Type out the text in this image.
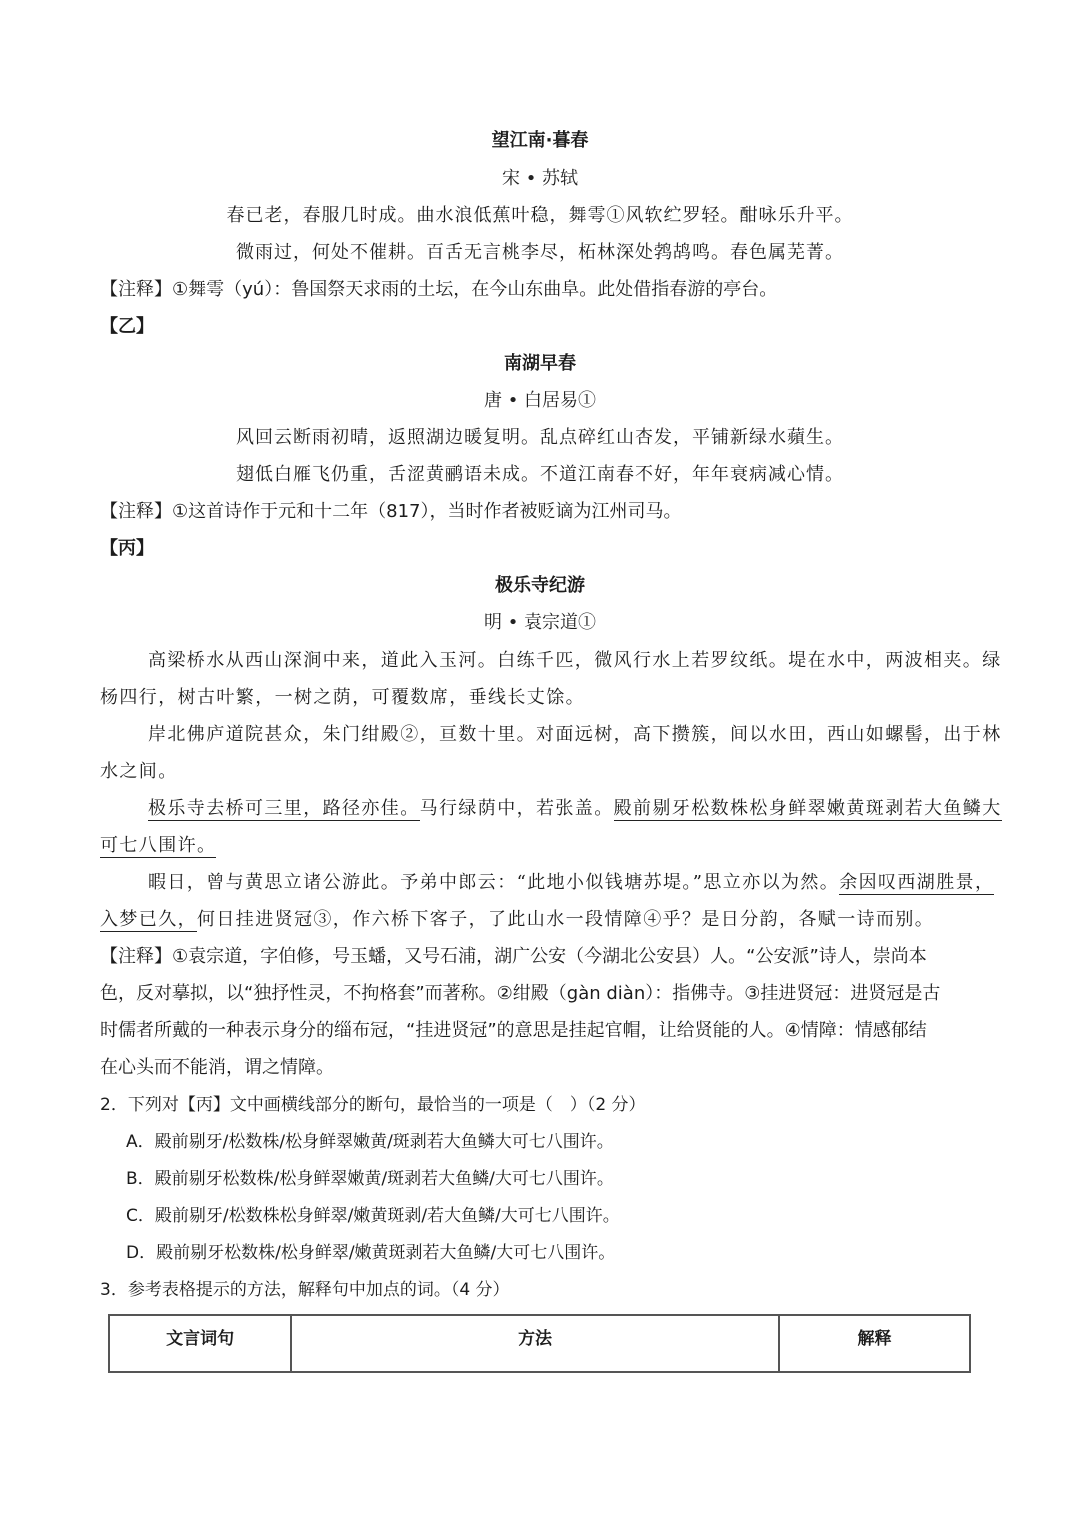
望江南·暮春
宋 • 苏轼
春已老，春服几时成。曲水浪低蕉叶稳，舞雩①风软纻罗轻。酣咏乐升平。
微雨过，何处不催耕。百舌无言桃李尽，柘林深处鹁鸪鸣。春色属芜菁。
【注释】①舞雩（yú）：鲁国祭天求雨的土坛，在今山东曲阜。此处借指春游的亭台。
【乙】
南湖早春
唐 • 白居易①
风回云断雨初晴，返照湖边暖复明。乱点碎红山杏发，平铺新绿水蘋生。
翅低白雁飞仍重，舌涩黄鹂语未成。不道江南春不好，年年衰病减心情。
【注释】①这首诗作于元和十二年（817），当时作者被贬谪为江州司马。
【丙】
极乐寺纪游
明 • 袁宗道①
高梁桥水从西山深涧中来，道此入玉河。白练千匹，微风行水上若罗纹纸。堤在水中，两波相夹。绿
杨四行，树古叶繁，一树之荫，可覆数席，垂线长丈馀。
岸北佛庐道院甚众，朱门绀殿②，亘数十里。对面远树，高下攒簇，间以水田，西山如螺髻，出于林
水之间。
极乐寺去桥可三里，路径亦佳。马行绿荫中，若张盖。殿前剔牙松数株松身鲜翠嫩黄斑剥若大鱼鳞大
可七八围许。
暇日，曾与黄思立诸公游此。予弟中郎云：“此地小似钱塘苏堤。”思立亦以为然。余因叹西湖胜景，
入梦已久，何日挂进贤冠③，作六桥下客子，了此山水一段情障④乎？是日分韵，各赋一诗而别。
【注释】①袁宗道，字伯修，号玉蟠，又号石浦，湖广公安（今湖北公安县）人。“公安派”诗人，崇尚本
色，反对摹拟，以“独抒性灵，不拘格套”而著称。②绀殿（gàn diàn）：指佛寺。③挂进贤冠：进贤冠是古
时儒者所戴的一种表示身分的缁布冠，“挂进贤冠”的意思是挂起官帽，让给贤能的人。④情障：情感郁结
在心头而不能消，谓之情障。
2．下列对【丙】文中画横线部分的断句，最恰当的一项是（　）（2 分）
A．殿前剔牙/松数株/松身鲜翠嫩黄/斑剥若大鱼鳞大可七八围许。
B．殿前剔牙松数株/松身鲜翠嫩黄/斑剥若大鱼鳞/大可七八围许。
C．殿前剔牙/松数株松身鲜翠/嫩黄斑剥/若大鱼鳞/大可七八围许。
D．殿前剔牙松数株/松身鲜翠/嫩黄斑剥若大鱼鳞/大可七八围许。
3．参考表格提示的方法，解释句中加点的词。（4 分）
文言词句	方法	解释
